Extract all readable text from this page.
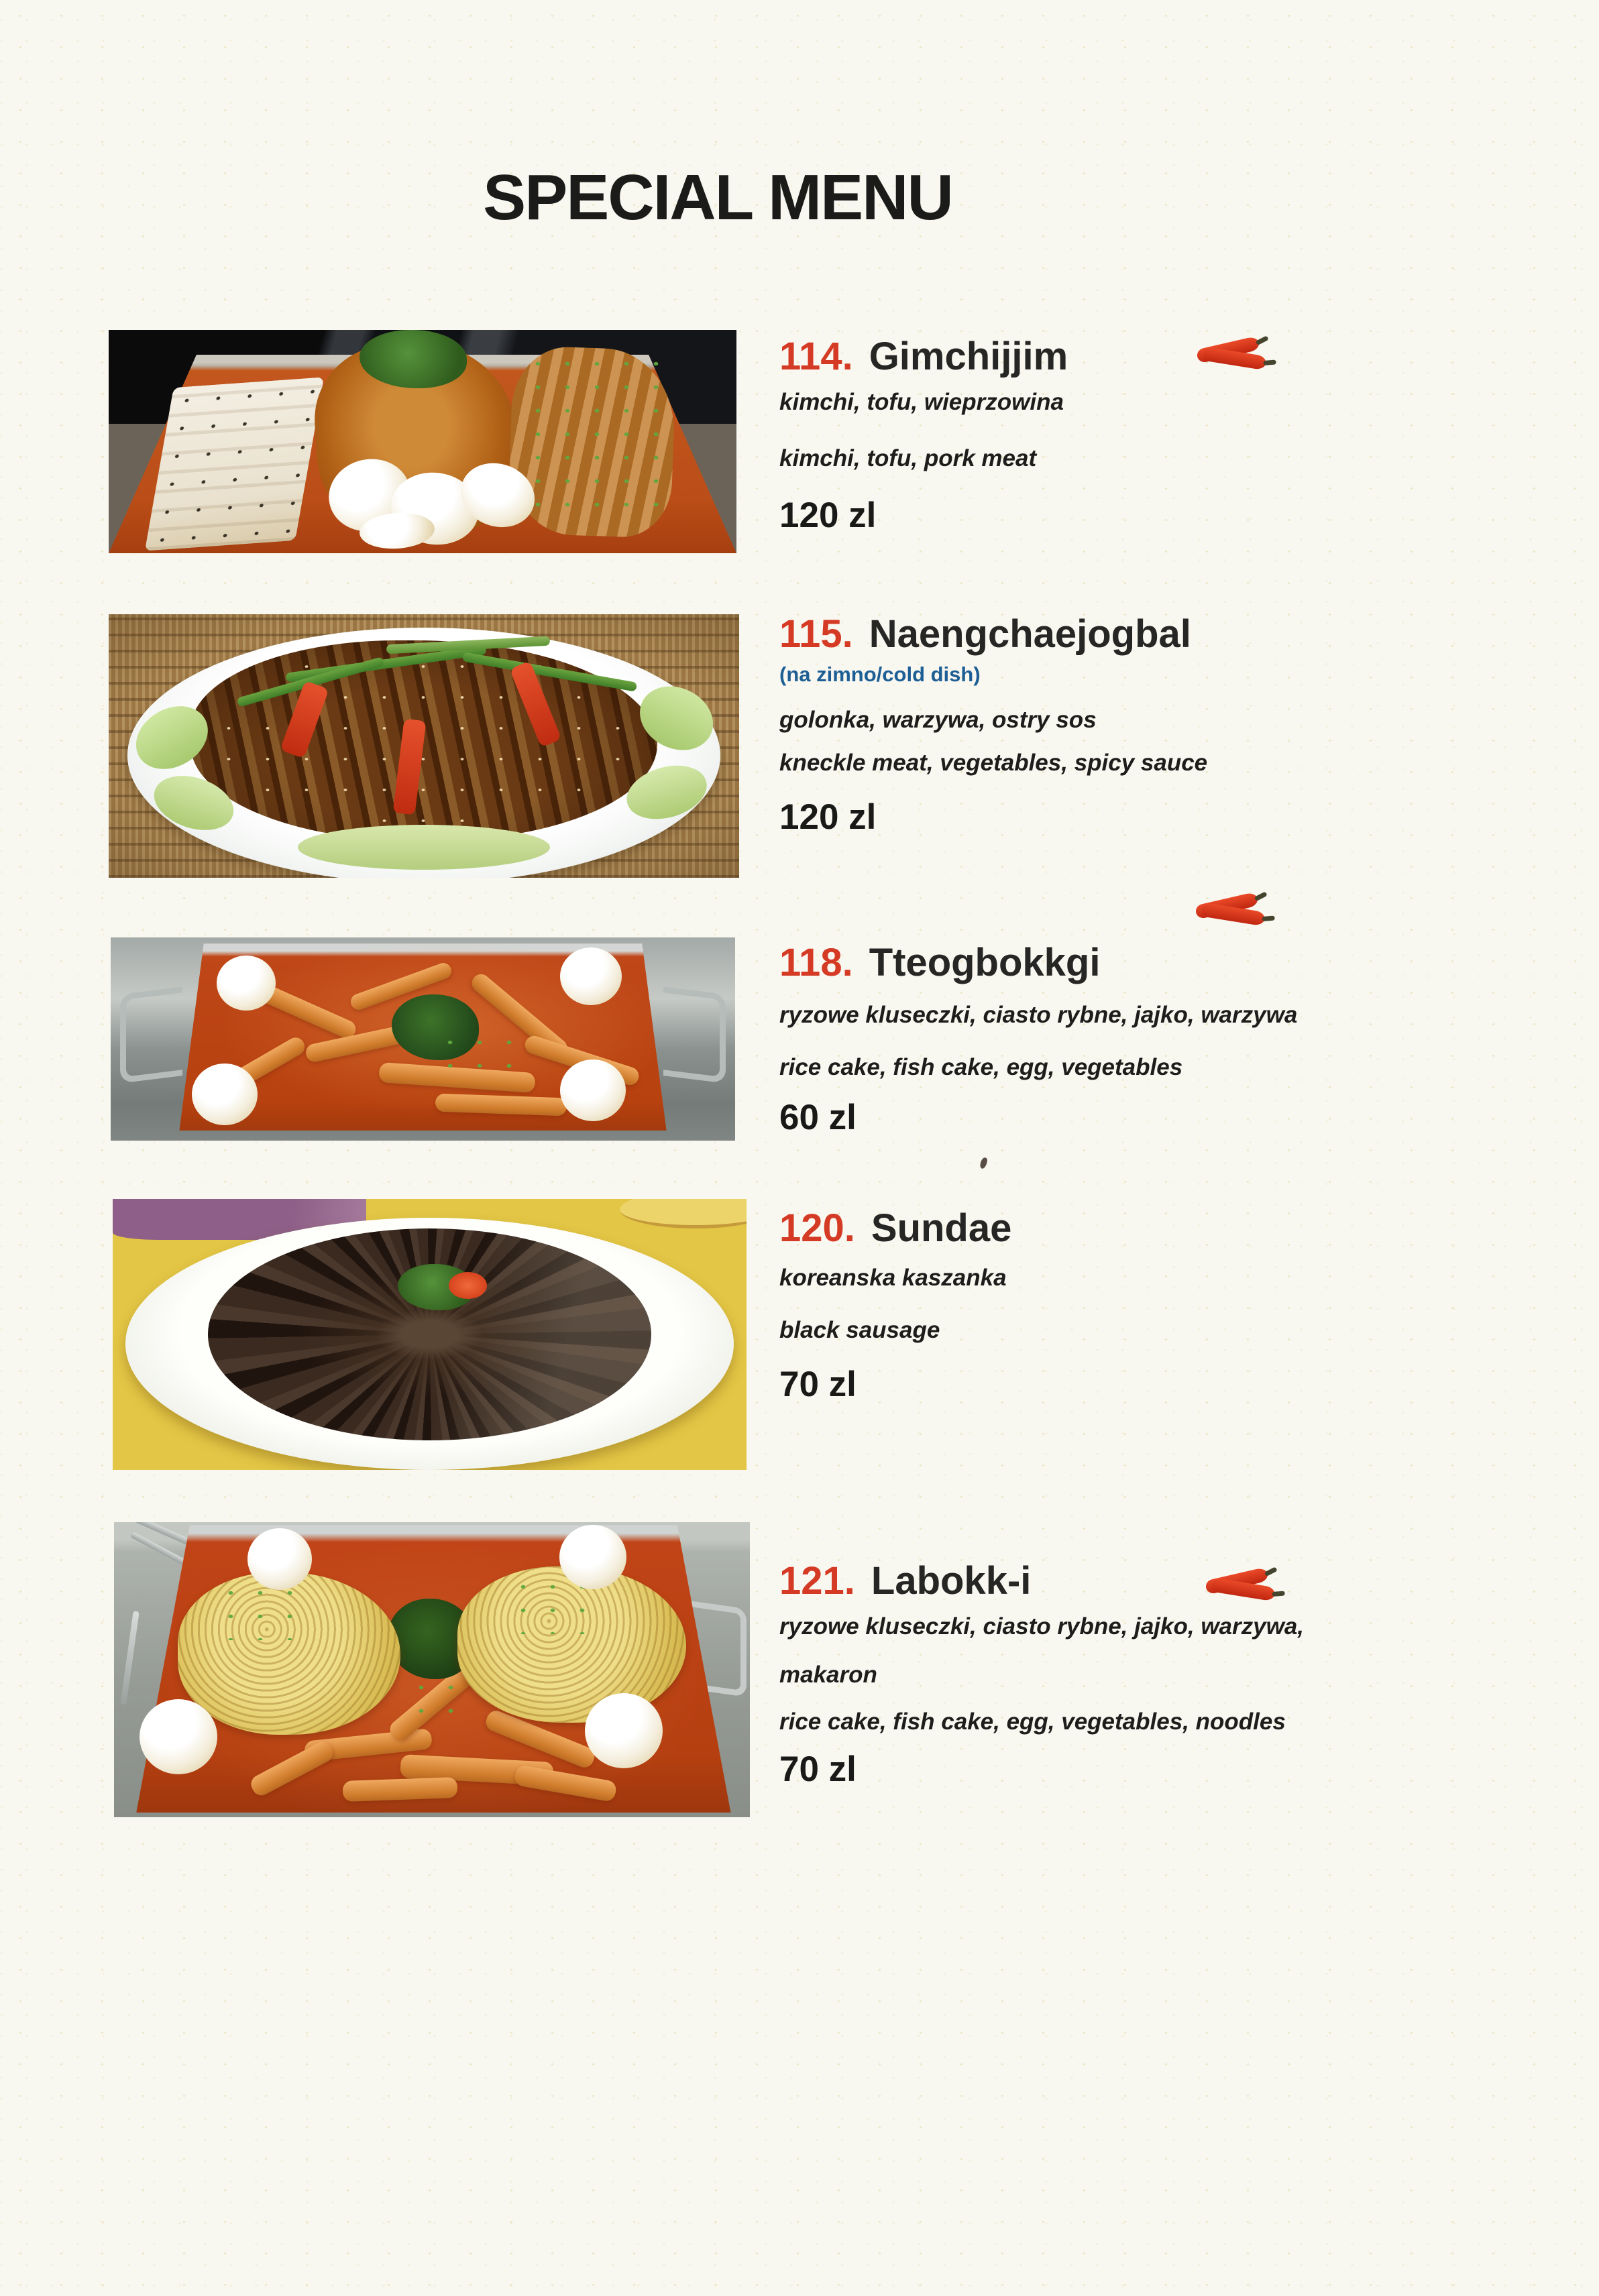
SPECIAL MENU
114. Gimchijjim

kimchi, tofu, wieprzowina

kimchi, tofu, pork meat

120 zl

115. Naengchaejogbal

(na zimno/cold dish)

golonka, warzywa, ostry sos

kneckle meat, vegetables, spicy sauce

120 zl

118. Tteogbokkgi

ryzowe kluseczki, ciasto rybne, jajko, warzywa

rice cake, fish cake, egg, vegetables

60 zl

120. Sundae

koreanska kaszanka

black sausage

70 zl

121. Labokk-i

ryzowe kluseczki, ciasto rybne, jajko, warzywa,

makaron

rice cake, fish cake, egg, vegetables, noodles

70 zl
